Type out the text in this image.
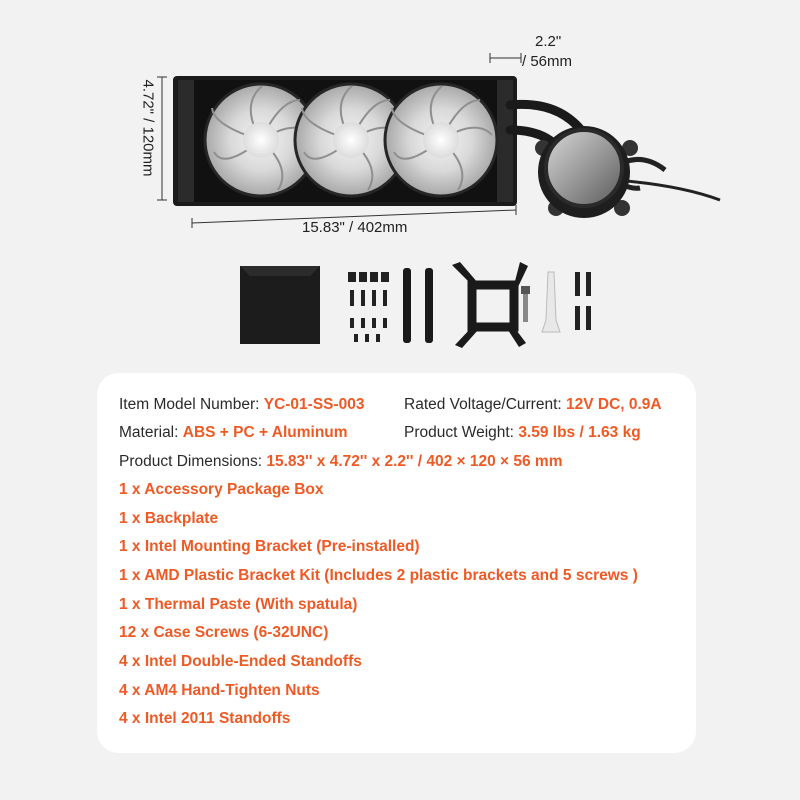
4.72" / 120mm
2.2"
/ 56mm
15.83" / 402mm
Item Model Number: YC-01-SS-003	Rated Voltage/Current: 12V DC, 0.9A
Material: ABS + PC + Aluminum	Product Weight: 3.59 lbs / 1.63 kg
Product Dimensions: 15.83'' x 4.72'' x 2.2'' / 402 × 120 × 56 mm
1 x Accessory Package Box
1 x Backplate
1 x Intel Mounting Bracket (Pre-installed)
1 x AMD Plastic Bracket Kit (Includes 2 plastic brackets and 5 screws )
1 x Thermal Paste (With spatula)
12 x Case Screws (6-32UNC)
4 x Intel Double-Ended Standoffs
4 x AM4 Hand-Tighten Nuts
4 x Intel 2011 Standoffs
